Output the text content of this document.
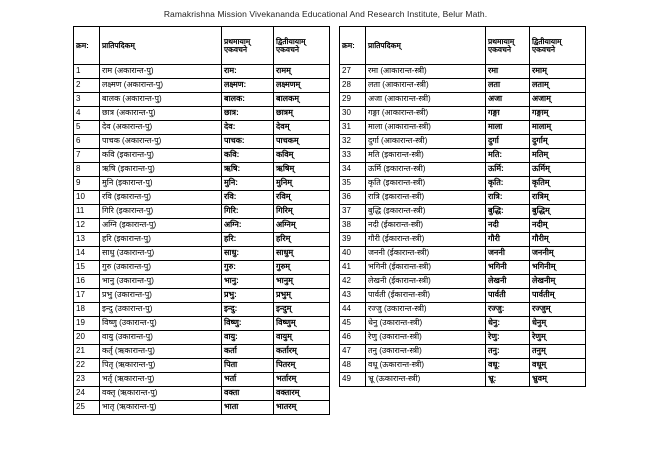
Ramakrishna Mission Vivekananda Educational And Research Institute, Belur Math.
क्रम:	प्रातिपदिकम्	प्रथमायाम् एकवचने	द्वितीयायाम् एकवचने
1	राम (अकारान्त-पु)	राम:	रामम्
2	लक्ष्मण (अकारान्त-पु)	लक्ष्मण:	लक्ष्मणम्
3	बालक (अकारान्त-पु)	बालक:	बालकम्
4	छात्र (अकारान्त-पु)	छात्र:	छात्रम्
5	देव (अकारान्त-पु)	देव:	देवम्
6	पाचक (अकारान्त-पु)	पाचक:	पाचकम्
7	कवि (इकारान्त-पु)	कवि:	कविम्
8	ऋषि (इकारान्त-पु)	ऋषि:	ऋषिम्
9	मुनि (इकारान्त-पु)	मुनि:	मुनिम्
10	रवि (इकारान्त-पु)	रवि:	रविम्
11	गिरि (इकारान्त-पु)	गिरि:	गिरिम्
12	अग्नि (इकारान्त-पु)	अग्नि:	अग्निम्
13	हरि (इकारान्त-पु)	हरि:	हरिम्
14	साधु (उकारान्त-पु)	साधु:	साधुम्
15	गुरु (उकारान्त-पु)	गुरु:	गुरुम्
16	भानु (उकारान्त-पु)	भानु:	भानुम्
17	प्रभु (उकारान्त-पु)	प्रभु:	प्रभुम्
18	इन्दु (उकारान्त-पु)	इन्दु:	इन्दुम्
19	विष्णु (उकारान्त-पु)	विष्णु:	विष्णुम्
20	वायु (उकारान्त-पु)	वायु:	वायुम्
21	कर्तृ (ऋकारान्त-पु)	कर्ता	कर्तारम्
22	पितृ (ऋकारान्त-पु)	पिता	पितरम्
23	भर्तृ (ऋकारान्त-पु)	भर्ता	भर्तारम्
24	वक्तृ (ऋकारान्त-पु)	वक्ता	वक्तारम्
25	भातृ (ऋकारान्त-पु)	भाता	भातरम्
क्रम:	प्रातिपदिकम्	प्रथमायाम् एकवचने	द्वितीयायाम् एकवचने
27	रमा (आकारान्त-स्त्री)	रमा	रमाम्
28	लता (आकारान्त-स्त्री)	लता	लताम्
29	अजा (आकारान्त-स्त्री)	अजा	अजाम्
30	गङ्गा (आकारान्त-स्त्री)	गङ्गा	गङ्गाम्
31	माला (आकारान्त-स्त्री)	माला	मालाम्
32	दुर्गा (आकारान्त-स्त्री)	दुर्गा	दुर्गाम्
33	मति (इकारान्त-स्त्री)	मति:	मतिम्
34	ऊर्मि (इकारान्त-स्त्री)	ऊर्मि:	ऊर्मिम्
35	कृति (इकारान्त-स्त्री)	कृति:	कृतिम्
36	रात्रि (इकारान्त-स्त्री)	रात्रि:	रात्रिम्
37	बुद्धि (इकारान्त-स्त्री)	बुद्धि:	बुद्धिम्
38	नदी (ईकारान्त-स्त्री)	नदी	नदीम्
39	गौरी (ईकारान्त-स्त्री)	गौरी	गौरीम्
40	जननी (ईकारान्त-स्त्री)	जननी	जननीम्
41	भगिनी (ईकारान्त-स्त्री)	भगिनी	भगिनीम्
42	लेखनी (ईकारान्त-स्त्री)	लेखनी	लेखनीम्
43	पार्वती (ईकारान्त-स्त्री)	पार्वती	पार्वतीम्
44	रज्जु (उकारान्त-स्त्री)	रज्जु:	रज्जुम्
45	धेनु (उकारान्त-स्त्री)	धेनु:	धेनुम्
46	रेणु (उकारान्त-स्त्री)	रेणु:	रेणुम्
47	तनु (उकारान्त-स्त्री)	तनु:	तनुम्
48	वधू (ऊकारान्त-स्त्री)	वधू:	वधूम्
49	भ्रू (ऊकारान्त-स्त्री)	भ्रू:	भ्रुवम्
